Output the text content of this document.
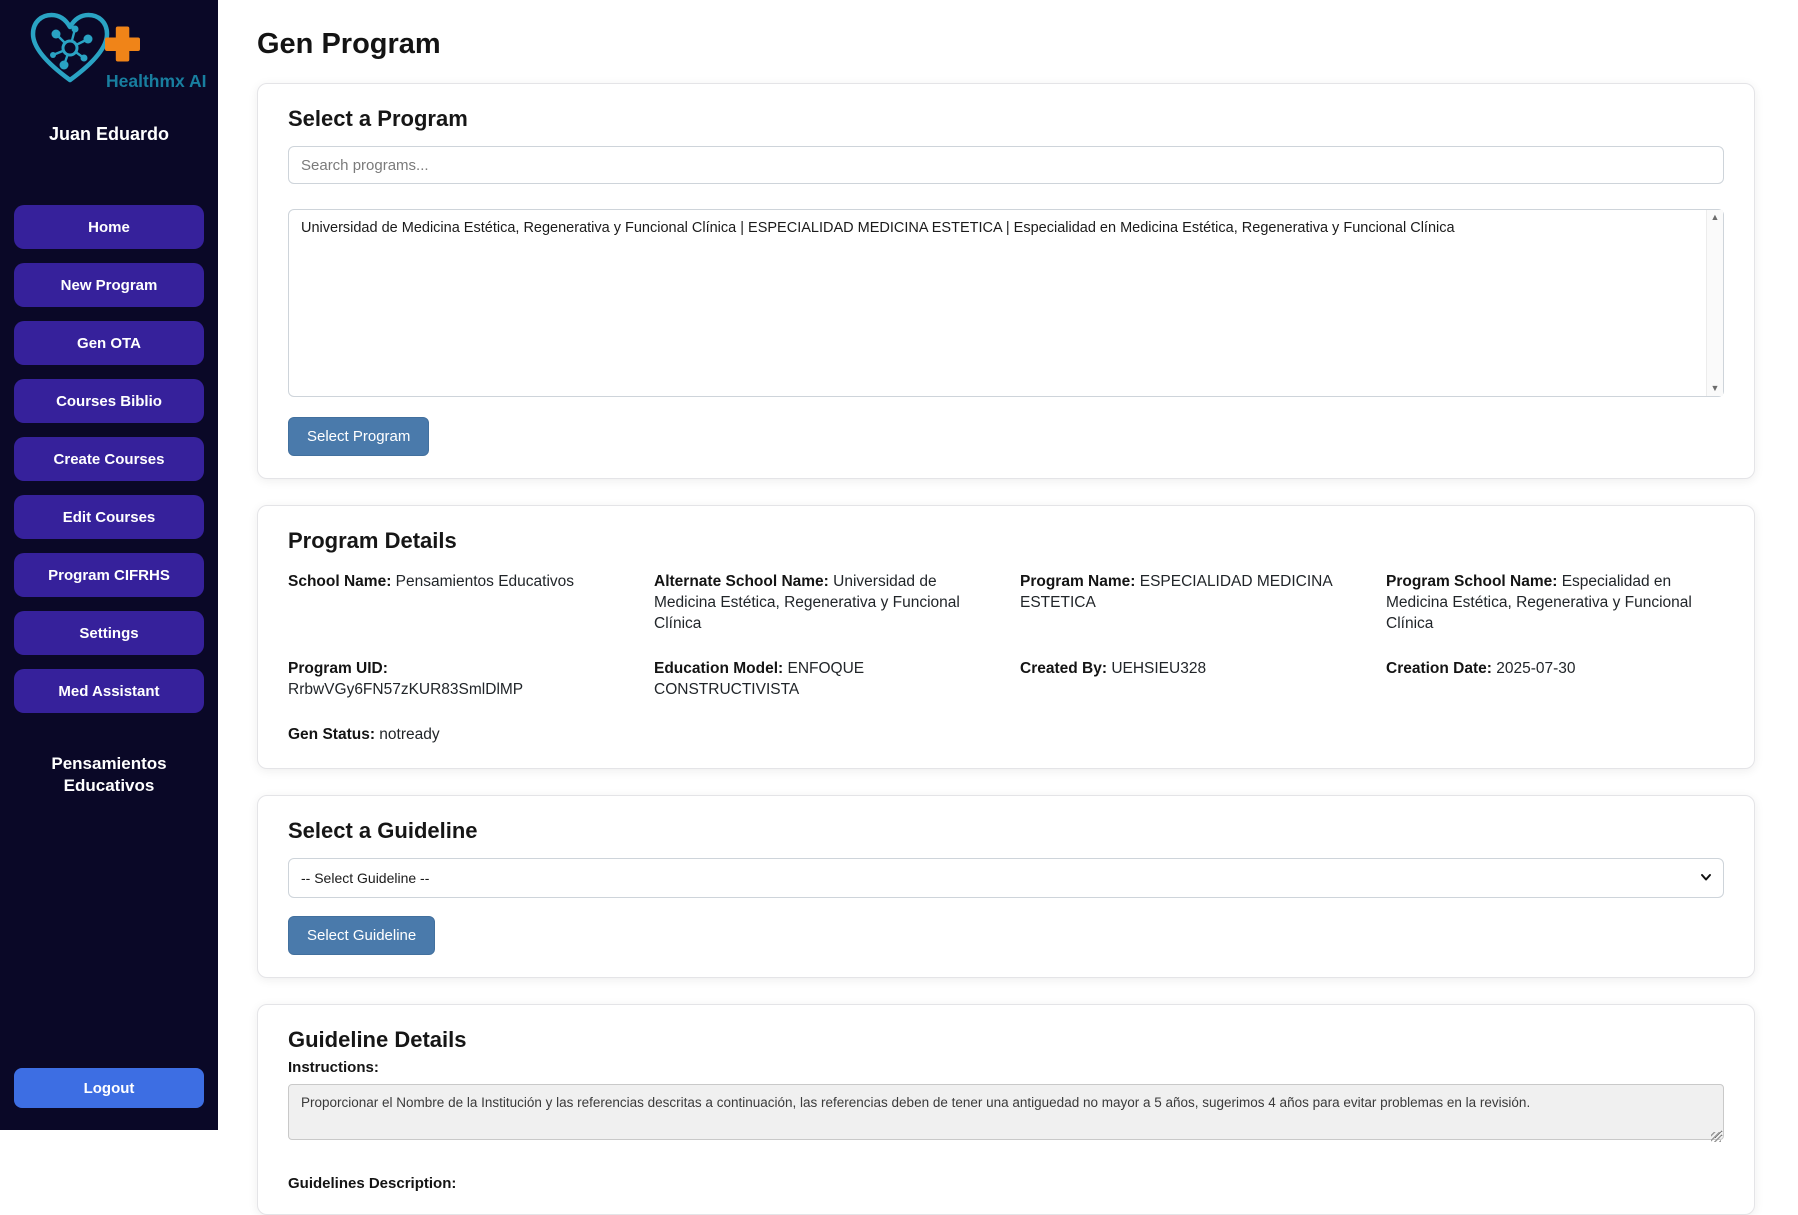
Healthmx AI
Juan Eduardo
Home
New Program
Gen OTA
Courses Biblio
Create Courses
Edit Courses
Program CIFRHS
Settings
Med Assistant
Pensamientos Educativos
Logout
Gen Program
Select a Program
Search programs...
Universidad de Medicina Estética, Regenerativa y Funcional Clínica | ESPECIALIDAD MEDICINA ESTETICA | Especialidad en Medicina Estética, Regenerativa y Funcional Clínica
▲
▼
Select Program
Program Details
School Name: Pensamientos Educativos	Alternate School Name: Universidad de Medicina Estética, Regenerativa y Funcional Clínica
Program Name: ESPECIALIDAD MEDICINA ESTETICA
Program School Name: Especialidad en Medicina Estética, Regenerativa y Funcional Clínica
Program UID: RrbwVGy6FN57zKUR83SmlDlMP
Education Model: ENFOQUE CONSTRUCTIVISTA
Created By: UEHSIEU328	Creation Date: 2025-07-30
Gen Status: notready
Select a Guideline
-- Select Guideline --
Select Guideline
Guideline Details
Instructions:
Proporcionar el Nombre de la Institución y las referencias descritas a continuación, las referencias deben de tener una antiguedad no mayor a 5 años, sugerimos 4 años para evitar problemas en la revisión.
Guidelines Description:
